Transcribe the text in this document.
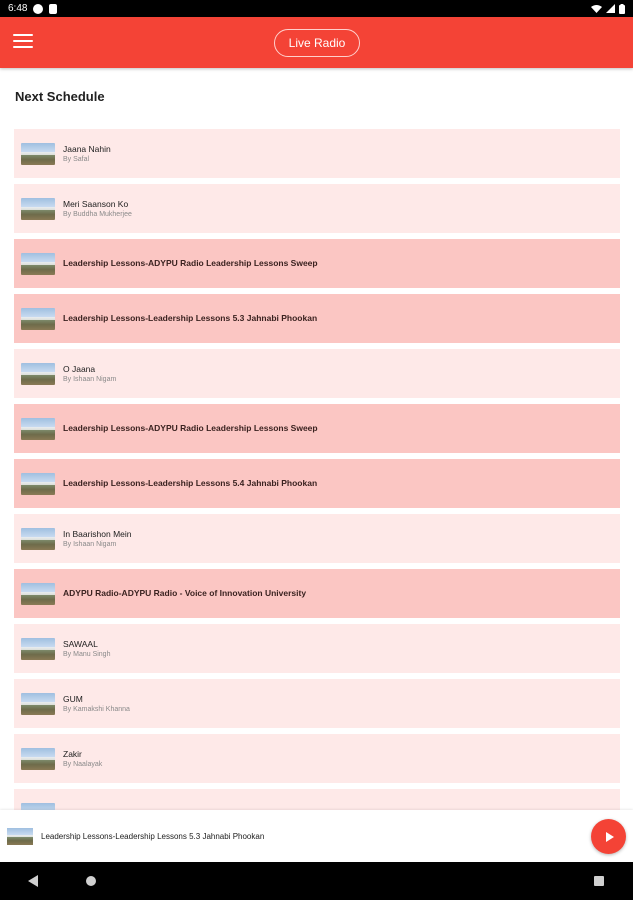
6:48
Live Radio
Next Schedule
Jaana Nahin
By Safal
Meri Saanson Ko
By Buddha Mukherjee
Leadership Lessons-ADYPU Radio Leadership Lessons Sweep
Leadership Lessons-Leadership Lessons 5.3 Jahnabi Phookan
O Jaana
By Ishaan Nigam
Leadership Lessons-ADYPU Radio Leadership Lessons Sweep
Leadership Lessons-Leadership Lessons 5.4 Jahnabi Phookan
In Baarishon Mein
By Ishaan Nigam
ADYPU Radio-ADYPU Radio - Voice of Innovation University
SAWAAL
By Manu Singh
GUM
By Kamakshi Khanna
Zakir
By Naalayak
Leadership Lessons-Leadership Lessons 5.3 Jahnabi Phookan
